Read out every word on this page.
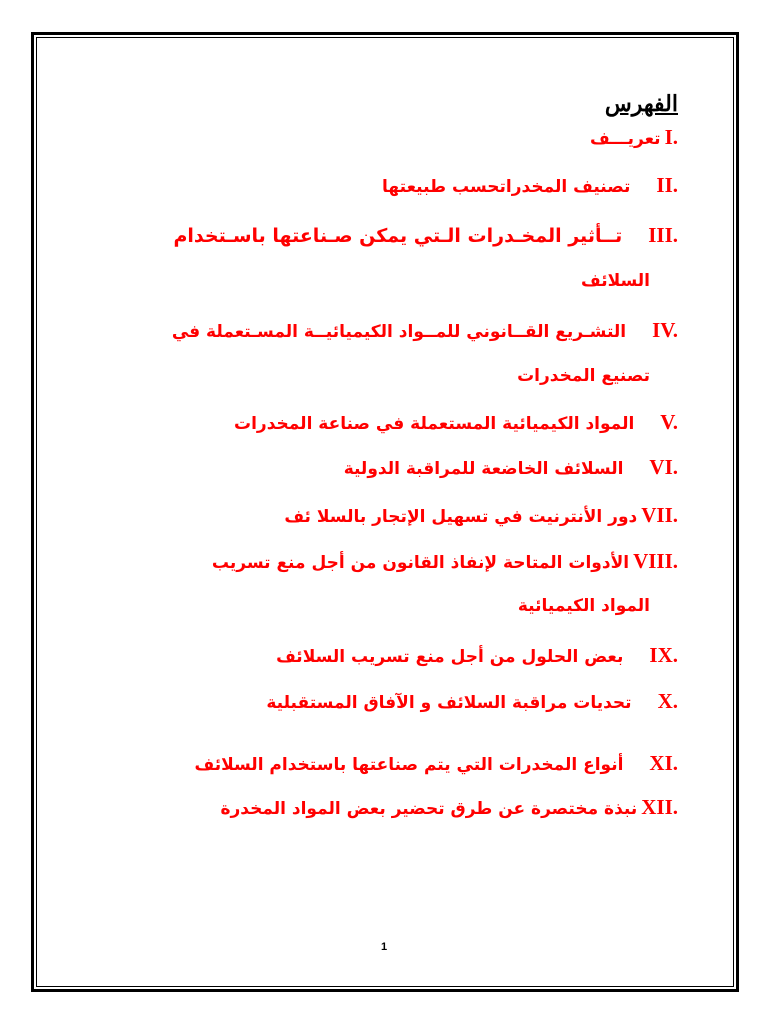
الفهرس
I.تعريـــف
II.تصنيف المخدراتحسب طبيعتها
III.تــأثير المخـدرات الـتي يمكن صـناعتها باسـتخدام
السلائف
IV.التشـريع القــانوني للمــواد الكيميائيــة المسـتعملة في
تصنيع المخدرات
V.المواد الكيميائية المستعملة في صناعة المخدرات
VI.السلائف الخاضعة للمراقبة الدولية
VII.دور الأنترنيت في تسهيل الإتجار بالسلا ئف
VIII.الأدوات المتاحة لإنفاذ القانون من أجل منع تسريب
المواد الكيميائية
IX.بعض الحلول من أجل منع تسريب السلائف
X.تحديات مراقبة السلائف و الآفاق المستقبلية
XI.أنواع المخدرات التي يتم صناعتها باستخدام السلائف
XII.نبذة مختصرة عن طرق تحضير بعض المواد المخدرة
1
